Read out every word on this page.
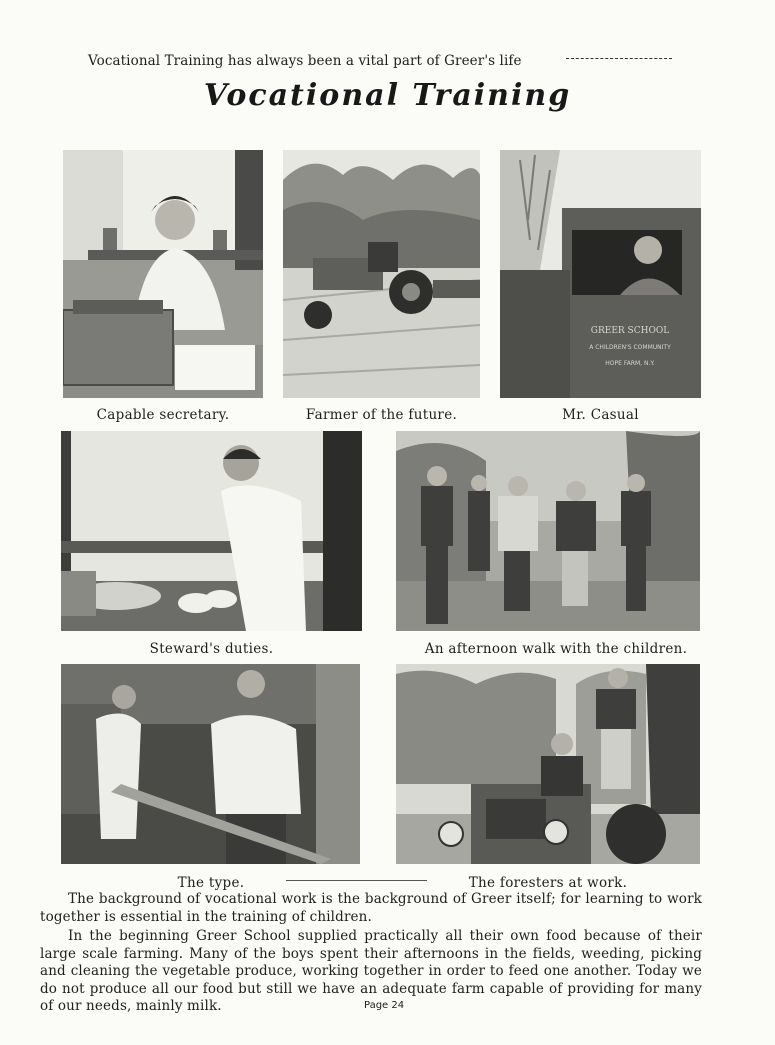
Vocational Training has always been a vital part of Greer's life
Vocational Training
GREER SCHOOL
A CHILDREN'S COMMUNITY
HOPE FARM, N.Y.
Capable secretary.	Farmer of the future.	Mr. Casual
Steward's duties.	An afternoon walk with the children.
The type.	The foresters at work.
The background of vocational work is the background of Greer itself; for learning to work together is essential in the training of children.
In the beginning Greer School supplied practically all their own food because of their large scale farming. Many of the boys spent their afternoons in the fields, weeding, picking and cleaning the vegetable produce, working together in order to feed one another. Today we do not produce all our food but still we have an adequate farm capable of providing for many of our needs, mainly milk.	Page 24
